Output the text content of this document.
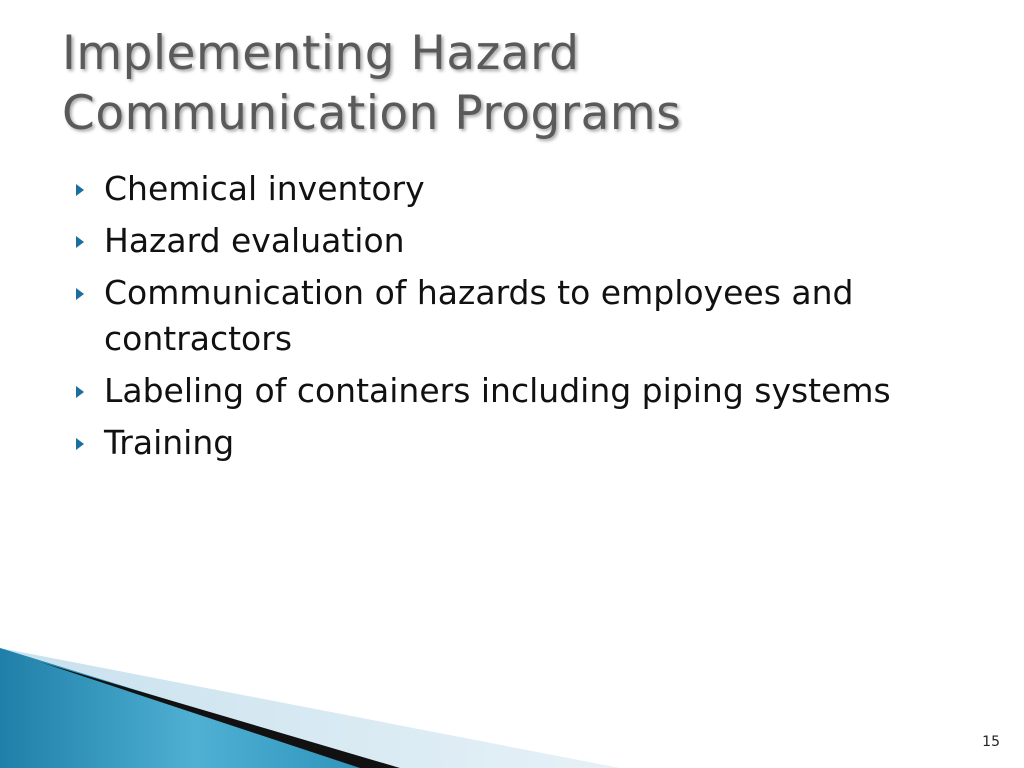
Implementing Hazard Communication Programs
Chemical inventory
Hazard evaluation
Communication of hazards to employees and contractors
Labeling of containers including piping systems
Training
15
